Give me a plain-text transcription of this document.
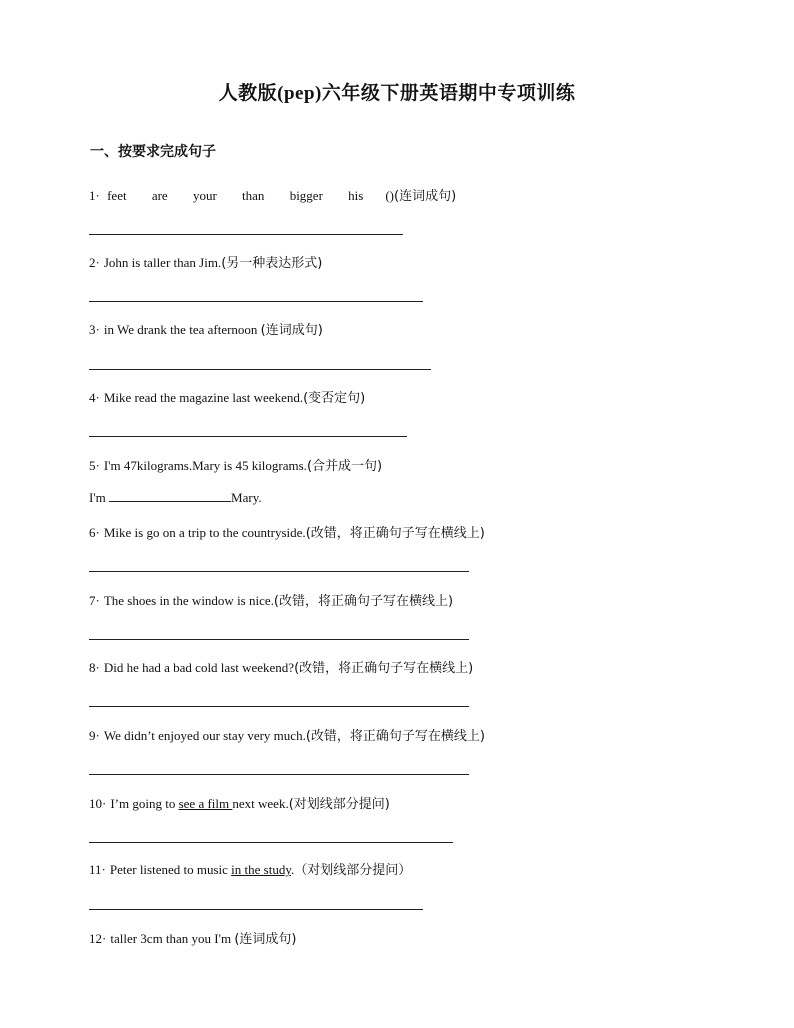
人教版(pep)六年级下册英语期中专项训练
一、按要求完成句子
1· feet are your than bigger his ()(连词成句)
2· John is taller than Jim.(另一种表达形式)
3· in We drank the tea afternoon (连词成句)
4· Mike read the magazine last weekend.(变否定句)
5· I'm 47kilograms.Mary is 45 kilograms.(合并成一句)
I'm	Mary.
6· Mike is go on a trip to the countryside.(改错，将正确句子写在横线上)
7· The shoes in the window is nice.(改错，将正确句子写在横线上)
8· Did he had a bad cold last weekend?(改错，将正确句子写在横线上)
9· We didn’t enjoyed our stay very much.(改错，将正确句子写在横线上)
10· I’m going to see a film next week.(对划线部分提问)
11· Peter listened to music in the study.（对划线部分提问）
12· taller 3cm than you I'm (连词成句)
